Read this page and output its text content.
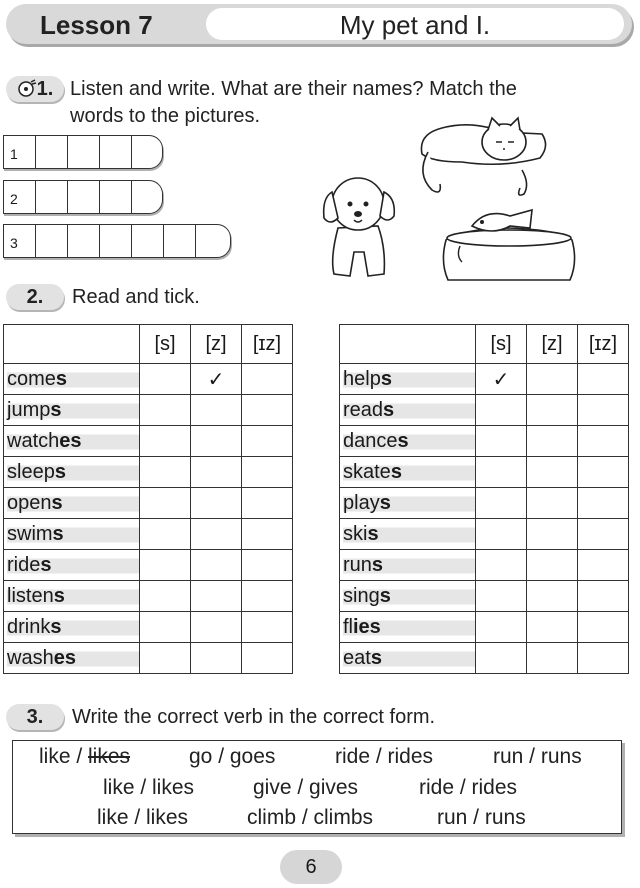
Lesson 7	My pet and I.
1. Listen and write. What are their names? Match the
words to the pictures.
1
2
3
2.	Read and tick.
	[s]	[z]	[ɪz]

comes		✓	

jumps			

watches			

sleeps			

opens			

swims			

rides			

listens			

drinks			

washes			

	[s]	[z]	[ɪz]

helps	✓		

reads			

dances			

skates			

plays			

skis			

runs			

sings			

flies			

eats			

3.	Write the correct verb in the correct form.
like / likes	go / goes	ride / rides	run / runs
like / likes	give / gives	ride / rides
like / likes	climb / climbs	run / runs
6
